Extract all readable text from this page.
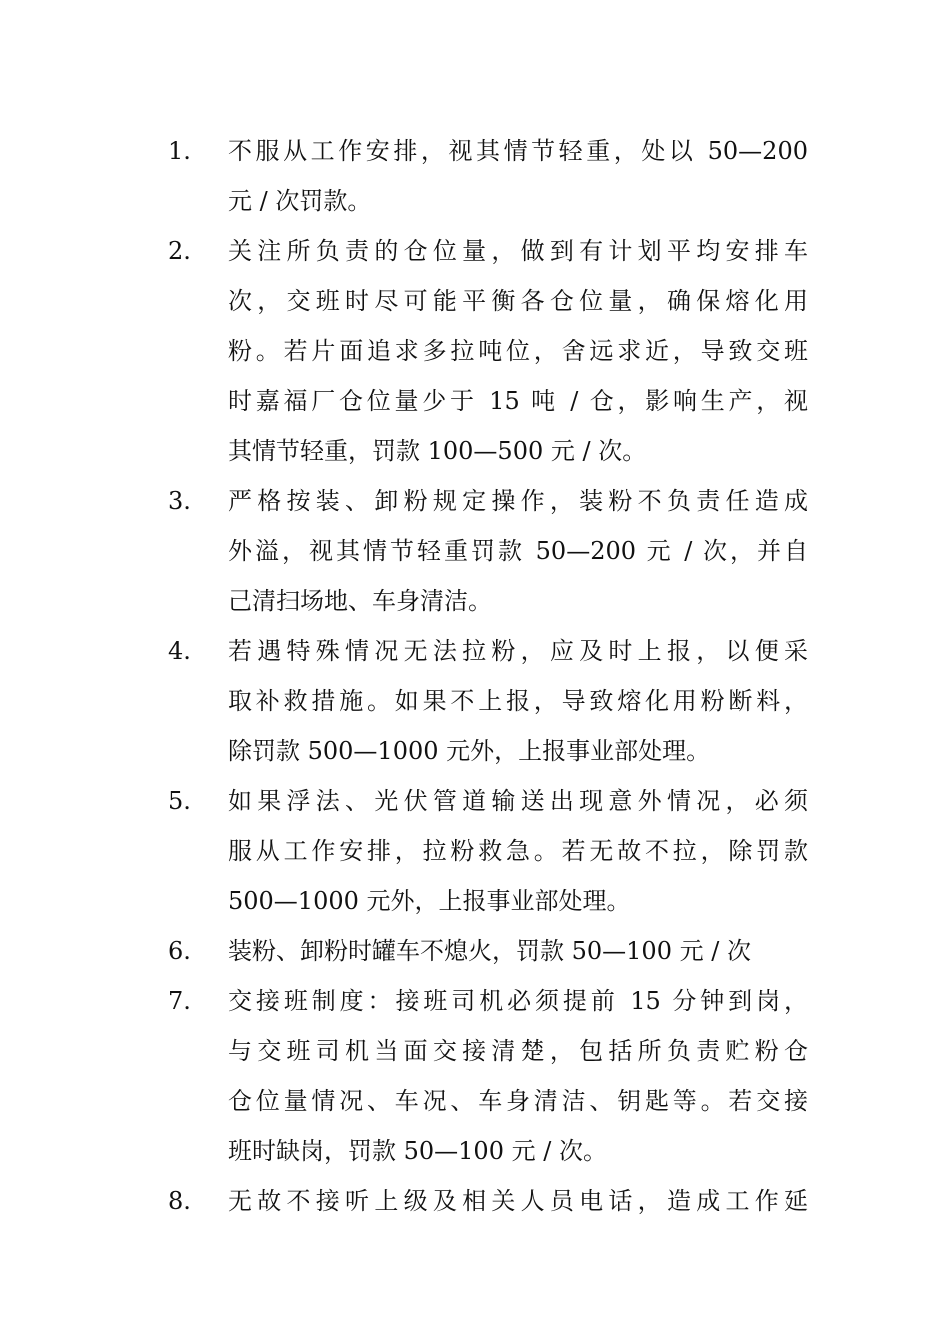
1.	不服从工作安排，视其情节轻重，处以 50—200
元 / 次罚款。
2.	关注所负责的仓位量，做到有计划平均安排车
次，交班时尽可能平衡各仓位量，确保熔化用
粉。若片面追求多拉吨位，舍远求近，导致交班
时嘉福厂仓位量少于 15 吨 / 仓，影响生产，视
其情节轻重，罚款 100—500 元 / 次。
3.	严格按装、卸粉规定操作，装粉不负责任造成
外溢，视其情节轻重罚款 50—200 元 / 次，并自
己清扫场地、车身清洁。
4.	若遇特殊情况无法拉粉，应及时上报，以便采
取补救措施。如果不上报，导致熔化用粉断料，
除罚款 500—1000 元外，上报事业部处理。
5.	如果浮法、光伏管道输送出现意外情况，必须
服从工作安排，拉粉救急。若无故不拉，除罚款
500—1000 元外，上报事业部处理。
6.	装粉、卸粉时罐车不熄火，罚款 50—100 元 / 次
7.	交接班制度：接班司机必须提前 15 分钟到岗，
与交班司机当面交接清楚，包括所负责贮粉仓
仓位量情况、车况、车身清洁、钥匙等。若交接
班时缺岗，罚款 50—100 元 / 次。
8.	无故不接听上级及相关人员电话，造成工作延
